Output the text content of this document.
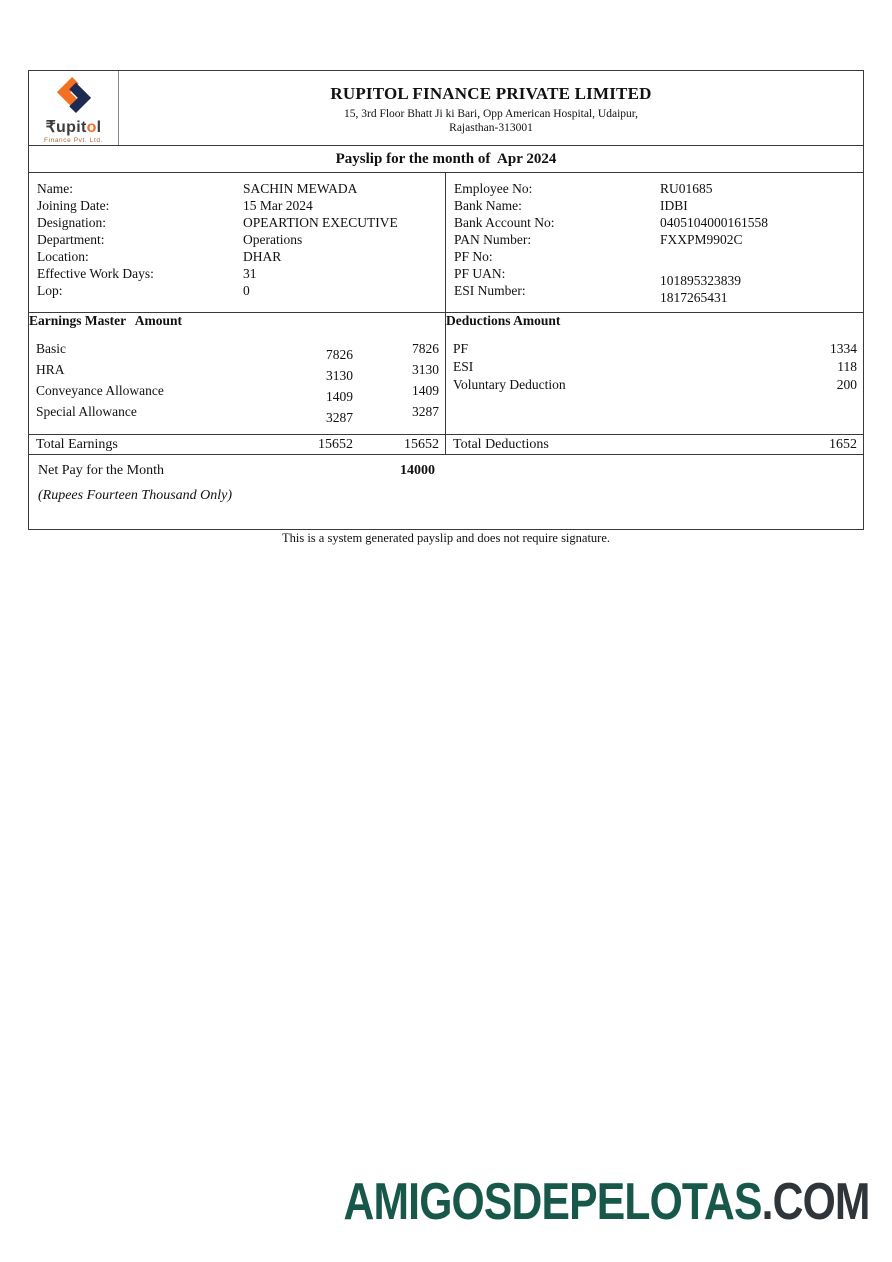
₹upitol
Finance Pvt. Ltd.
RUPITOL FINANCE PRIVATE LIMITED
15, 3rd Floor Bhatt Ji ki Bari, Opp American Hospital, Udaipur,
Rajasthan-313001
Payslip for the month of  Apr 2024
Name:	SACHIN MEWADA
Joining Date:	15 Mar 2024
Designation:	OPEARTION EXECUTIVE
Department:	Operations
Location:	DHAR
Effective Work Days:	31
Lop:	0
Employee No:	RU01685
Bank Name:	IDBI
Bank Account No:	0405104000161558
PAN Number:	FXXPM9902C
PF No:
PF UAN:	101895323839
ESI Number:	1817265431
Earnings Master Amount	Deductions Amount
Basic	7826	7826
HRA	3130	3130
Conveyance Allowance	1409	1409
Special Allowance	3287	3287
PF	1334
ESI	118
Voluntary Deduction	200
Total Earnings	15652	15652	Total Deductions	1652
Net Pay for the Month	14000
(Rupees Fourteen Thousand Only)
This is a system generated payslip and does not require signature.
AMIGOSDEPELOTAS.COM
